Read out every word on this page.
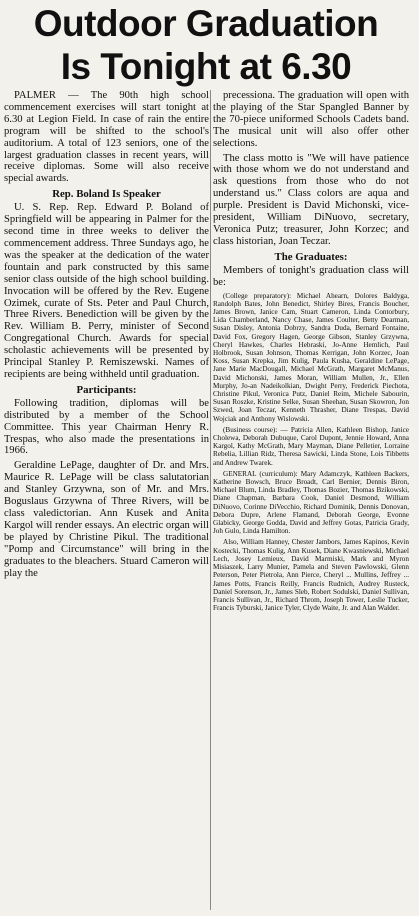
Outdoor Graduation
Is Tonight at 6.30

PALMER — The 90th high school commencement exercises will start tonight at 6.30 at Legion Field. In case of rain the entire program will be shifted to the school's auditorium. A total of 123 seniors, one of the largest graduation classes in recent years, will receive diplomas. Some will also receive special awards.

Rep. Boland Is Speaker

U. S. Rep. Rep. Edward P. Boland of Springfield will be appearing in Palmer for the second time in three weeks to deliver the commencement address. Three Sundays ago, he was the speaker at the dedication of the water fountain and park constructed by this same senior class outside of the high school building. Invocation will be offered by the Rev. Eugene Ozimek, curate of Sts. Peter and Paul Church, Three Rivers. Benediction will be given by the Rev. William B. Perry, minister of Second Congregational Church. Awards for special scholastic achievements will be presented by Principal Stanley P. Remiszewski. Names of recipients are being withheld until graduation.

Participants:

Following tradition, diplomas will be distributed by a member of the School Committee. This year Chairman Henry R. Trespas, who also made the presentations in 1966.

Geraldine LePage, daughter of Dr. and Mrs. Maurice R. LePage will be class salutatorian and Stanley Grzywna, son of Mr. and Mrs. Boguslaus Grzywna of Three Rivers, will be class valedictorian. Ann Kusek and Anita Kargol will render essays. An electric organ will be played by Christine Pikul. The traditional "Pomp and Circumstance" will bring in the graduates to the bleachers. Stuard Cameron will play the

precessiona. The graduation will open with the playing of the Star Spangled Banner by the 70-piece uniformed Schools Cadets band. The musical unit will also offer other selections.

The class motto is "We will have patience with those whom we do not understand and ask questions from those who do not understand us." Class colors are aqua and purple. President is David Michonski, vice-president, William DiNuovo, secretary, Veronica Putz; treasurer, John Korzec; and class historian, Joan Teczar.

The Graduates:

Members of tonight's graduation class will be:

(College preparatory): Michael Ahearn, Dolores Baldyga, Randolph Bates, John Benedict, Shirley Bires, Francis Boucher, James Brown, Janice Cam, Stuart Cameron, Linda Contorbury, Lida Chamberland, Nancy Chase, James Coulter, Betty Dearman, Susan Disley, Antonia Dobrzy, Sandra Duda, Bernard Fontaine, David Fox, Gregory Hagen, George Gibson, Stanley Grzywna, Cheryl Hawkes, Charles Hebraski, Jo-Anne Hemlich, Paul Holbrook, Susan Johnson, Thomas Kerrigan, John Korzec, Joan Koss, Susan Krepka, Jim Kulig, Paula Kusha, Geraldine LePage, Jane Marie MacDougall, Michael McGrath, Margaret McManus, David Michonski, James Moran, William Mullen, Jr., Ellen Murphy, Jo-an Nadeikolkian, Dwight Perry, Frederick Piechota, Christine Pikul, Veronica Putz, Daniel Reim, Michele Sabourin, Susan Roszke, Kristine Selke, Susan Sheehan, Susan Skowron, Jon Szwed, Joan Teczar, Kenneth Thrasher, Diane Trespas, David Wojciak and Anthony Wislowski.

(Business course): — Patricia Allen, Kathleen Bishop, Janice Cholewa, Deborah Dubuque, Carol Dupont, Jennie Howard, Anna Kargol, Kathy McGrath, Mary Mayman, Diane Pelletier, Lorraine Rebelia, Lillian Ridz, Theresa Sawicki, Linda Stone, Lois Tibbetts and Andrew Twarek.

GENERAL (curriculum): Mary Adamczyk, Kathleen Backers, Katherine Bowsch, Bruce Broadt, Carl Bernier, Dennis Biron, Michael Blum, Linda Bradley, Thomas Bozier, Thomas Bzikowski, Diane Chapman, Barbara Cook, Daniel Desmond, William DiNuovo, Corinne DiVecchio, Richard Dominik, Dennis Donovan, Debora Dupre, Arlene Flamand, Deborah George, Evonne Glabicky, George Godda, David and Jeffrey Gotas, Patricia Grady, Joh Gulo, Linda Hamilton.

Also, William Hanney, Chester Jambors, James Kapinos, Kevin Kostecki, Thomas Kulig, Ann Kusek, Diane Kwasniewski, Michael Lech, Josey Lemieux, David Marmiski, Mark and Myron Misiaszek, Larry Munier, Pamela and Steven Pawlowski, Glenn Peterson, Peter Pietrola, Ann Pierce, Cheryl ... Mullins, Jeffrey ... James Potts, Francis Reilly, Francis Rudnich, Audrey Rusteck, Daniel Sorenson, Jr., James Sleb, Robert Sodulski, Daniel Sullivan, Francis Sullivan, Jr., Richard Throm, Joseph Tower, Leslie Tucker, Francis Tyburski, Janice Tyler, Clyde Waite, Jr. and Alan Walder.
